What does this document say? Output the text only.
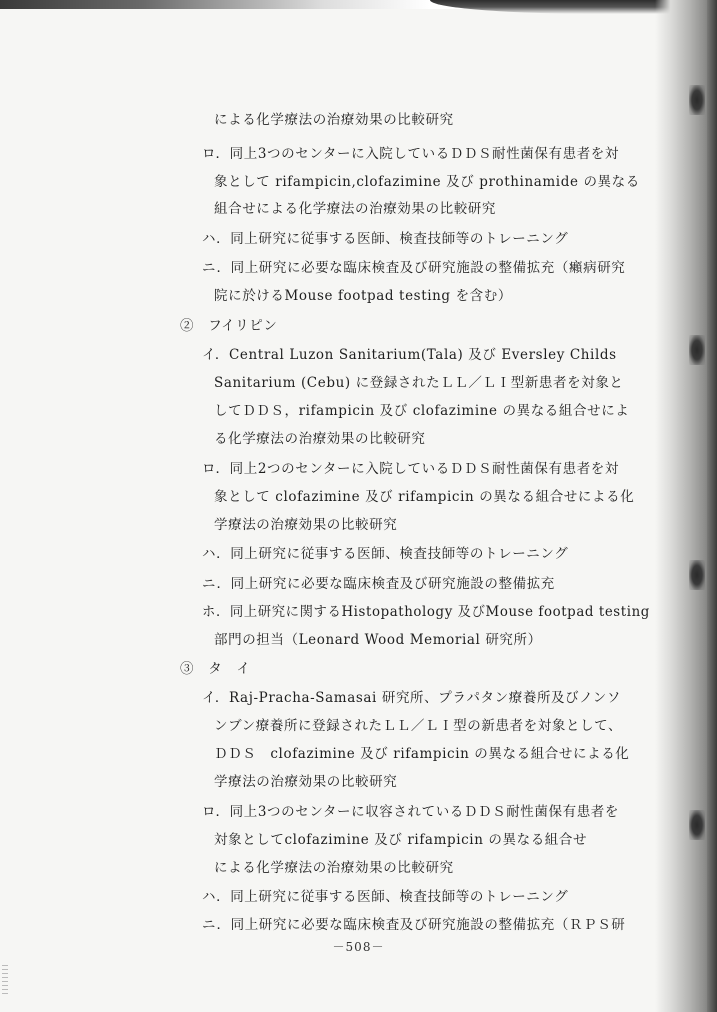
による化学療法の治療効果の比較研究
ロ．同上3つのセンターに入院しているＤＤＳ耐性菌保有患者を対
象として rifampicin,clofazimine 及び prothinamide の異なる
組合せによる化学療法の治療効果の比較研究
ハ．同上研究に従事する医師、検査技師等のトレーニング
ニ．同上研究に必要な臨床検査及び研究施設の整備拡充（癩病研究
院に於けるMouse footpad testing を含む）
②　フイリピン
イ．Central Luzon Sanitarium(Tala) 及び Eversley Childs
Sanitarium (Cebu) に登録されたＬＬ／ＬＩ型新患者を対象と
してＤＤＳ，rifampicin 及び clofazimine の異なる組合せによ
る化学療法の治療効果の比較研究
ロ．同上2つのセンターに入院しているＤＤＳ耐性菌保有患者を対
象として clofazimine 及び rifampicin の異なる組合せによる化
学療法の治療効果の比較研究
ハ．同上研究に従事する医師、検査技師等のトレーニング
ニ．同上研究に必要な臨床検査及び研究施設の整備拡充
ホ．同上研究に関するHistopathology 及びMouse footpad testing
部門の担当（Leonard Wood Memorial 研究所）
③　タ　イ
イ．Raj-Pracha-Samasai 研究所、プラパタン療養所及びノンソ
ンブン療養所に登録されたＬＬ／ＬＩ型の新患者を対象として、
ＤＤＳ　clofazimine 及び rifampicin の異なる組合せによる化
学療法の治療効果の比較研究
ロ．同上3つのセンターに収容されているＤＤＳ耐性菌保有患者を
対象としてclofazimine 及び rifampicin の異なる組合せ
による化学療法の治療効果の比較研究
ハ．同上研究に従事する医師、検査技師等のトレーニング
ニ．同上研究に必要な臨床検査及び研究施設の整備拡充（ＲＰＳ研
－508－
